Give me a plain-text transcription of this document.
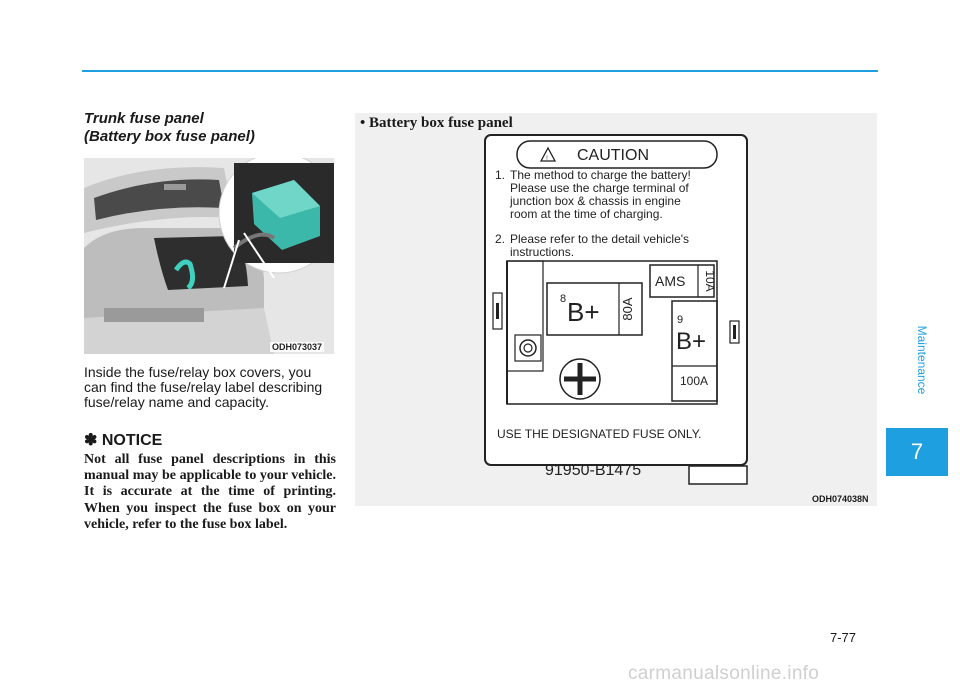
Trunk fuse panel
(Battery box fuse panel)
ODH073037
Inside the fuse/relay box covers, you can find the fuse/relay label describing fuse/relay name and capacity.
✽ NOTICE
Not all fuse panel descriptions in this manual may be applicable to your vehicle. It is accurate at the time of printing. When you inspect the fuse box on your vehicle, refer to the fuse box label.
• Battery box fuse panel
! CAUTION
1. The method to charge the battery!
Please use the charge terminal of
junction box & chassis in engine
room at the time of charging.
2. Please refer to the detail vehicle's
instructions.
8 B+ 80A
AMS 10A
9
B+
100A
USE THE DESIGNATED FUSE ONLY.
91950-B1475
ODH074038N
Maintenance
7
7-77
carmanualsonline.info
